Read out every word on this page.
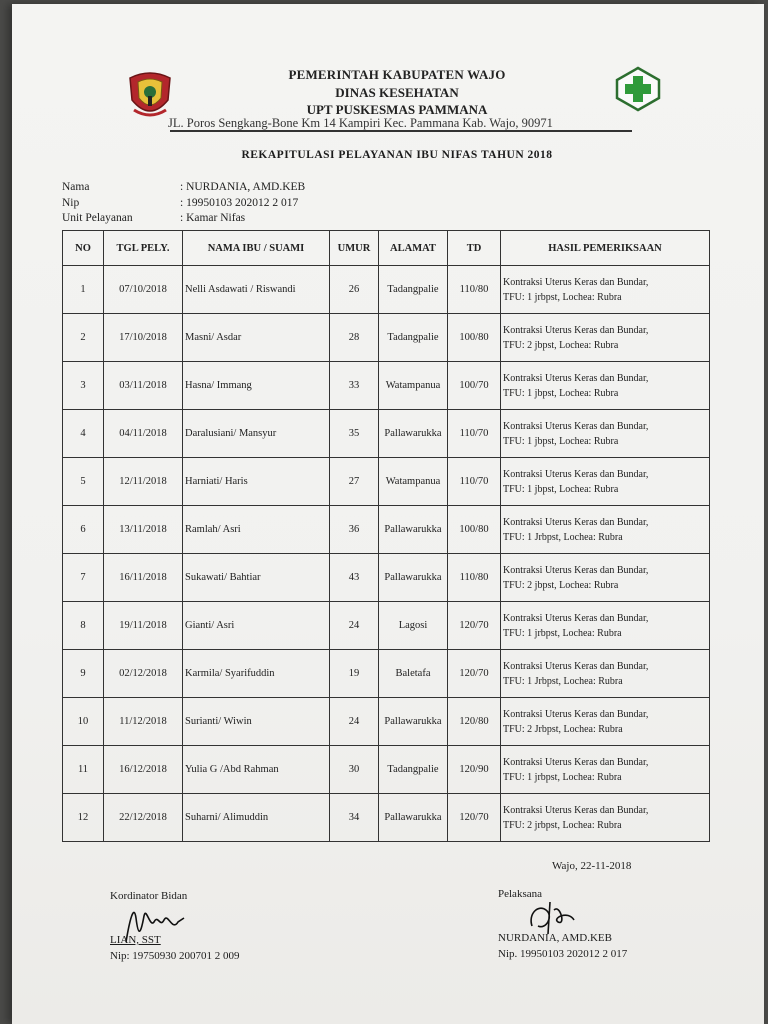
PEMERINTAH KABUPATEN WAJO
DINAS KESEHATAN
UPT PUSKESMAS PAMMANA
JL. Poros Sengkang-Bone Km 14 Kampiri Kec. Pammana Kab. Wajo, 90971
REKAPITULASI PELAYANAN IBU NIFAS TAHUN 2018
Nama	: NURDANIA, AMD.KEB
Nip	: 19950103 202012 2 017
Unit Pelayanan	: Kamar Nifas
NO	TGL PELY.	NAMA IBU / SUAMI	UMUR	ALAMAT	TD	HASIL PEMERIKSAAN
1	07/10/2018	Nelli Asdawati / Riswandi	26	Tadangpalie	110/80	Kontraksi Uterus Keras dan Bundar,
TFU: 1 jrbpst, Lochea: Rubra

2	17/10/2018	Masni/ Asdar	28	Tadangpalie	100/80	Kontraksi Uterus Keras dan Bundar,
TFU: 2 jbpst, Lochea: Rubra

3	03/11/2018	Hasna/ Immang	33	Watampanua	100/70	Kontraksi Uterus Keras dan Bundar,
TFU: 1 jbpst, Lochea: Rubra

4	04/11/2018	Daralusiani/ Mansyur	35	Pallawarukka	110/70	Kontraksi Uterus Keras dan Bundar,
TFU: 1 jbpst, Lochea: Rubra

5	12/11/2018	Harniati/ Haris	27	Watampanua	110/70	Kontraksi Uterus Keras dan Bundar,
TFU: 1 jbpst, Lochea: Rubra

6	13/11/2018	Ramlah/ Asri	36	Pallawarukka	100/80	Kontraksi Uterus Keras dan Bundar,
TFU: 1 Jrbpst, Lochea: Rubra

7	16/11/2018	Sukawati/ Bahtiar	43	Pallawarukka	110/80	Kontraksi Uterus Keras dan Bundar,
TFU: 2 jbpst, Lochea: Rubra

8	19/11/2018	Gianti/ Asri	24	Lagosi	120/70	Kontraksi Uterus Keras dan Bundar,
TFU: 1 jrbpst, Lochea: Rubra

9	02/12/2018	Karmila/ Syarifuddin	19	Baletafa	120/70	Kontraksi Uterus Keras dan Bundar,
TFU: 1 Jrbpst, Lochea: Rubra

10	11/12/2018	Surianti/ Wiwin	24	Pallawarukka	120/80	Kontraksi Uterus Keras dan Bundar,
TFU: 2 Jrbpst, Lochea: Rubra

11	16/12/2018	Yulia G /Abd Rahman	30	Tadangpalie	120/90	Kontraksi Uterus Keras dan Bundar,
TFU: 1 jrbpst, Lochea: Rubra

12	22/12/2018	Suharni/ Alimuddin	34	Pallawarukka	120/70	Kontraksi Uterus Keras dan Bundar,
TFU: 2 jrbpst, Lochea: Rubra
Wajo, 22-11-2018
Kordinator Bidan
LIAN, SST
Nip: 19750930 200701 2 009
Pelaksana
NURDANIA, AMD.KEB
Nip. 19950103 202012 2 017
